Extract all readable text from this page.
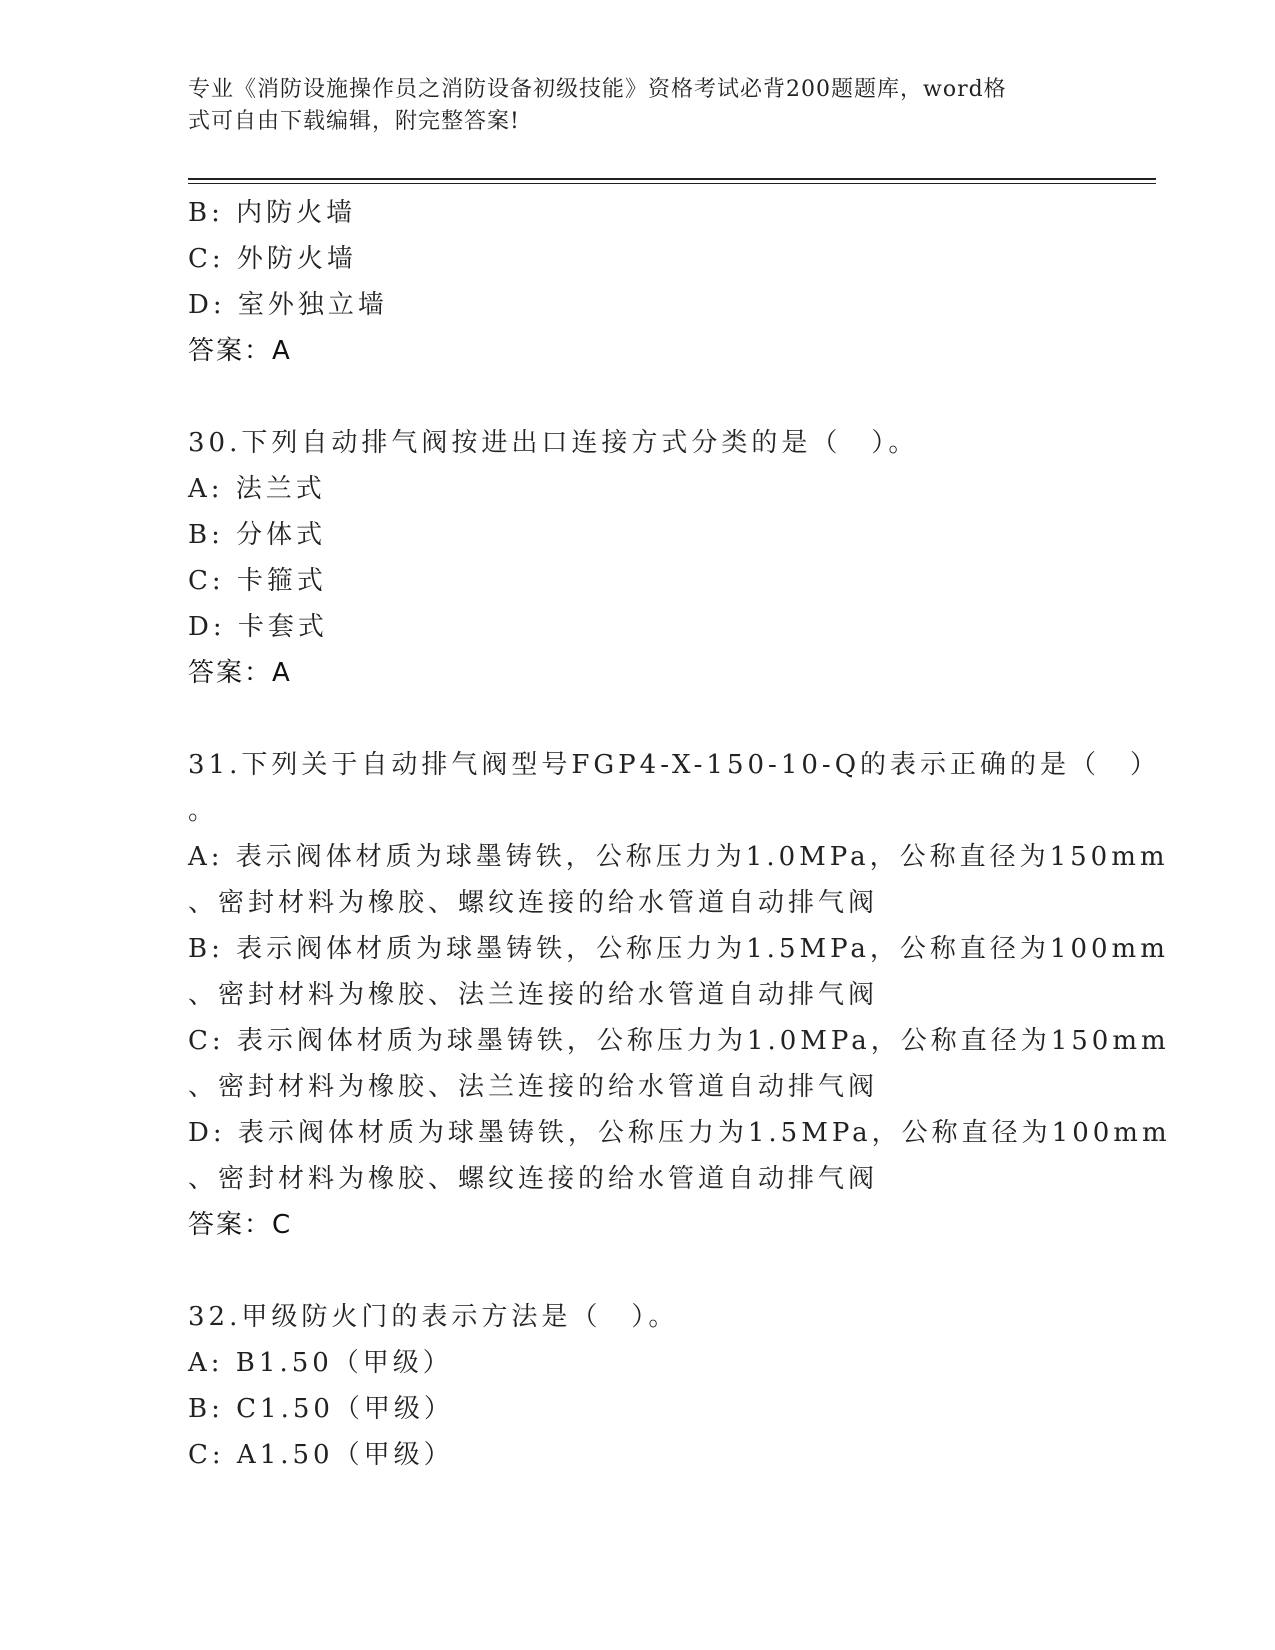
专业《消防设施操作员之消防设备初级技能》资格考试必背200题题库，word格
式可自由下载编辑，附完整答案!
B: 内防火墙
C: 外防火墙
D: 室外独立墙
答案：A
30.下列自动排气阀按进出口连接方式分类的是（　）。
A: 法兰式
B: 分体式
C: 卡箍式
D: 卡套式
答案：A
31.下列关于自动排气阀型号FGP4-X-150-10-Q的表示正确的是（　）
。
A: 表示阀体材质为球墨铸铁，公称压力为1.0MPa，公称直径为150mm
、密封材料为橡胶、螺纹连接的给水管道自动排气阀
B: 表示阀体材质为球墨铸铁，公称压力为1.5MPa，公称直径为100mm
、密封材料为橡胶、法兰连接的给水管道自动排气阀
C: 表示阀体材质为球墨铸铁，公称压力为1.0MPa，公称直径为150mm
、密封材料为橡胶、法兰连接的给水管道自动排气阀
D: 表示阀体材质为球墨铸铁，公称压力为1.5MPa，公称直径为100mm
、密封材料为橡胶、螺纹连接的给水管道自动排气阀
答案：C
32.甲级防火门的表示方法是（　）。
A: B1.50（甲级）
B: C1.50（甲级）
C: A1.50（甲级）
